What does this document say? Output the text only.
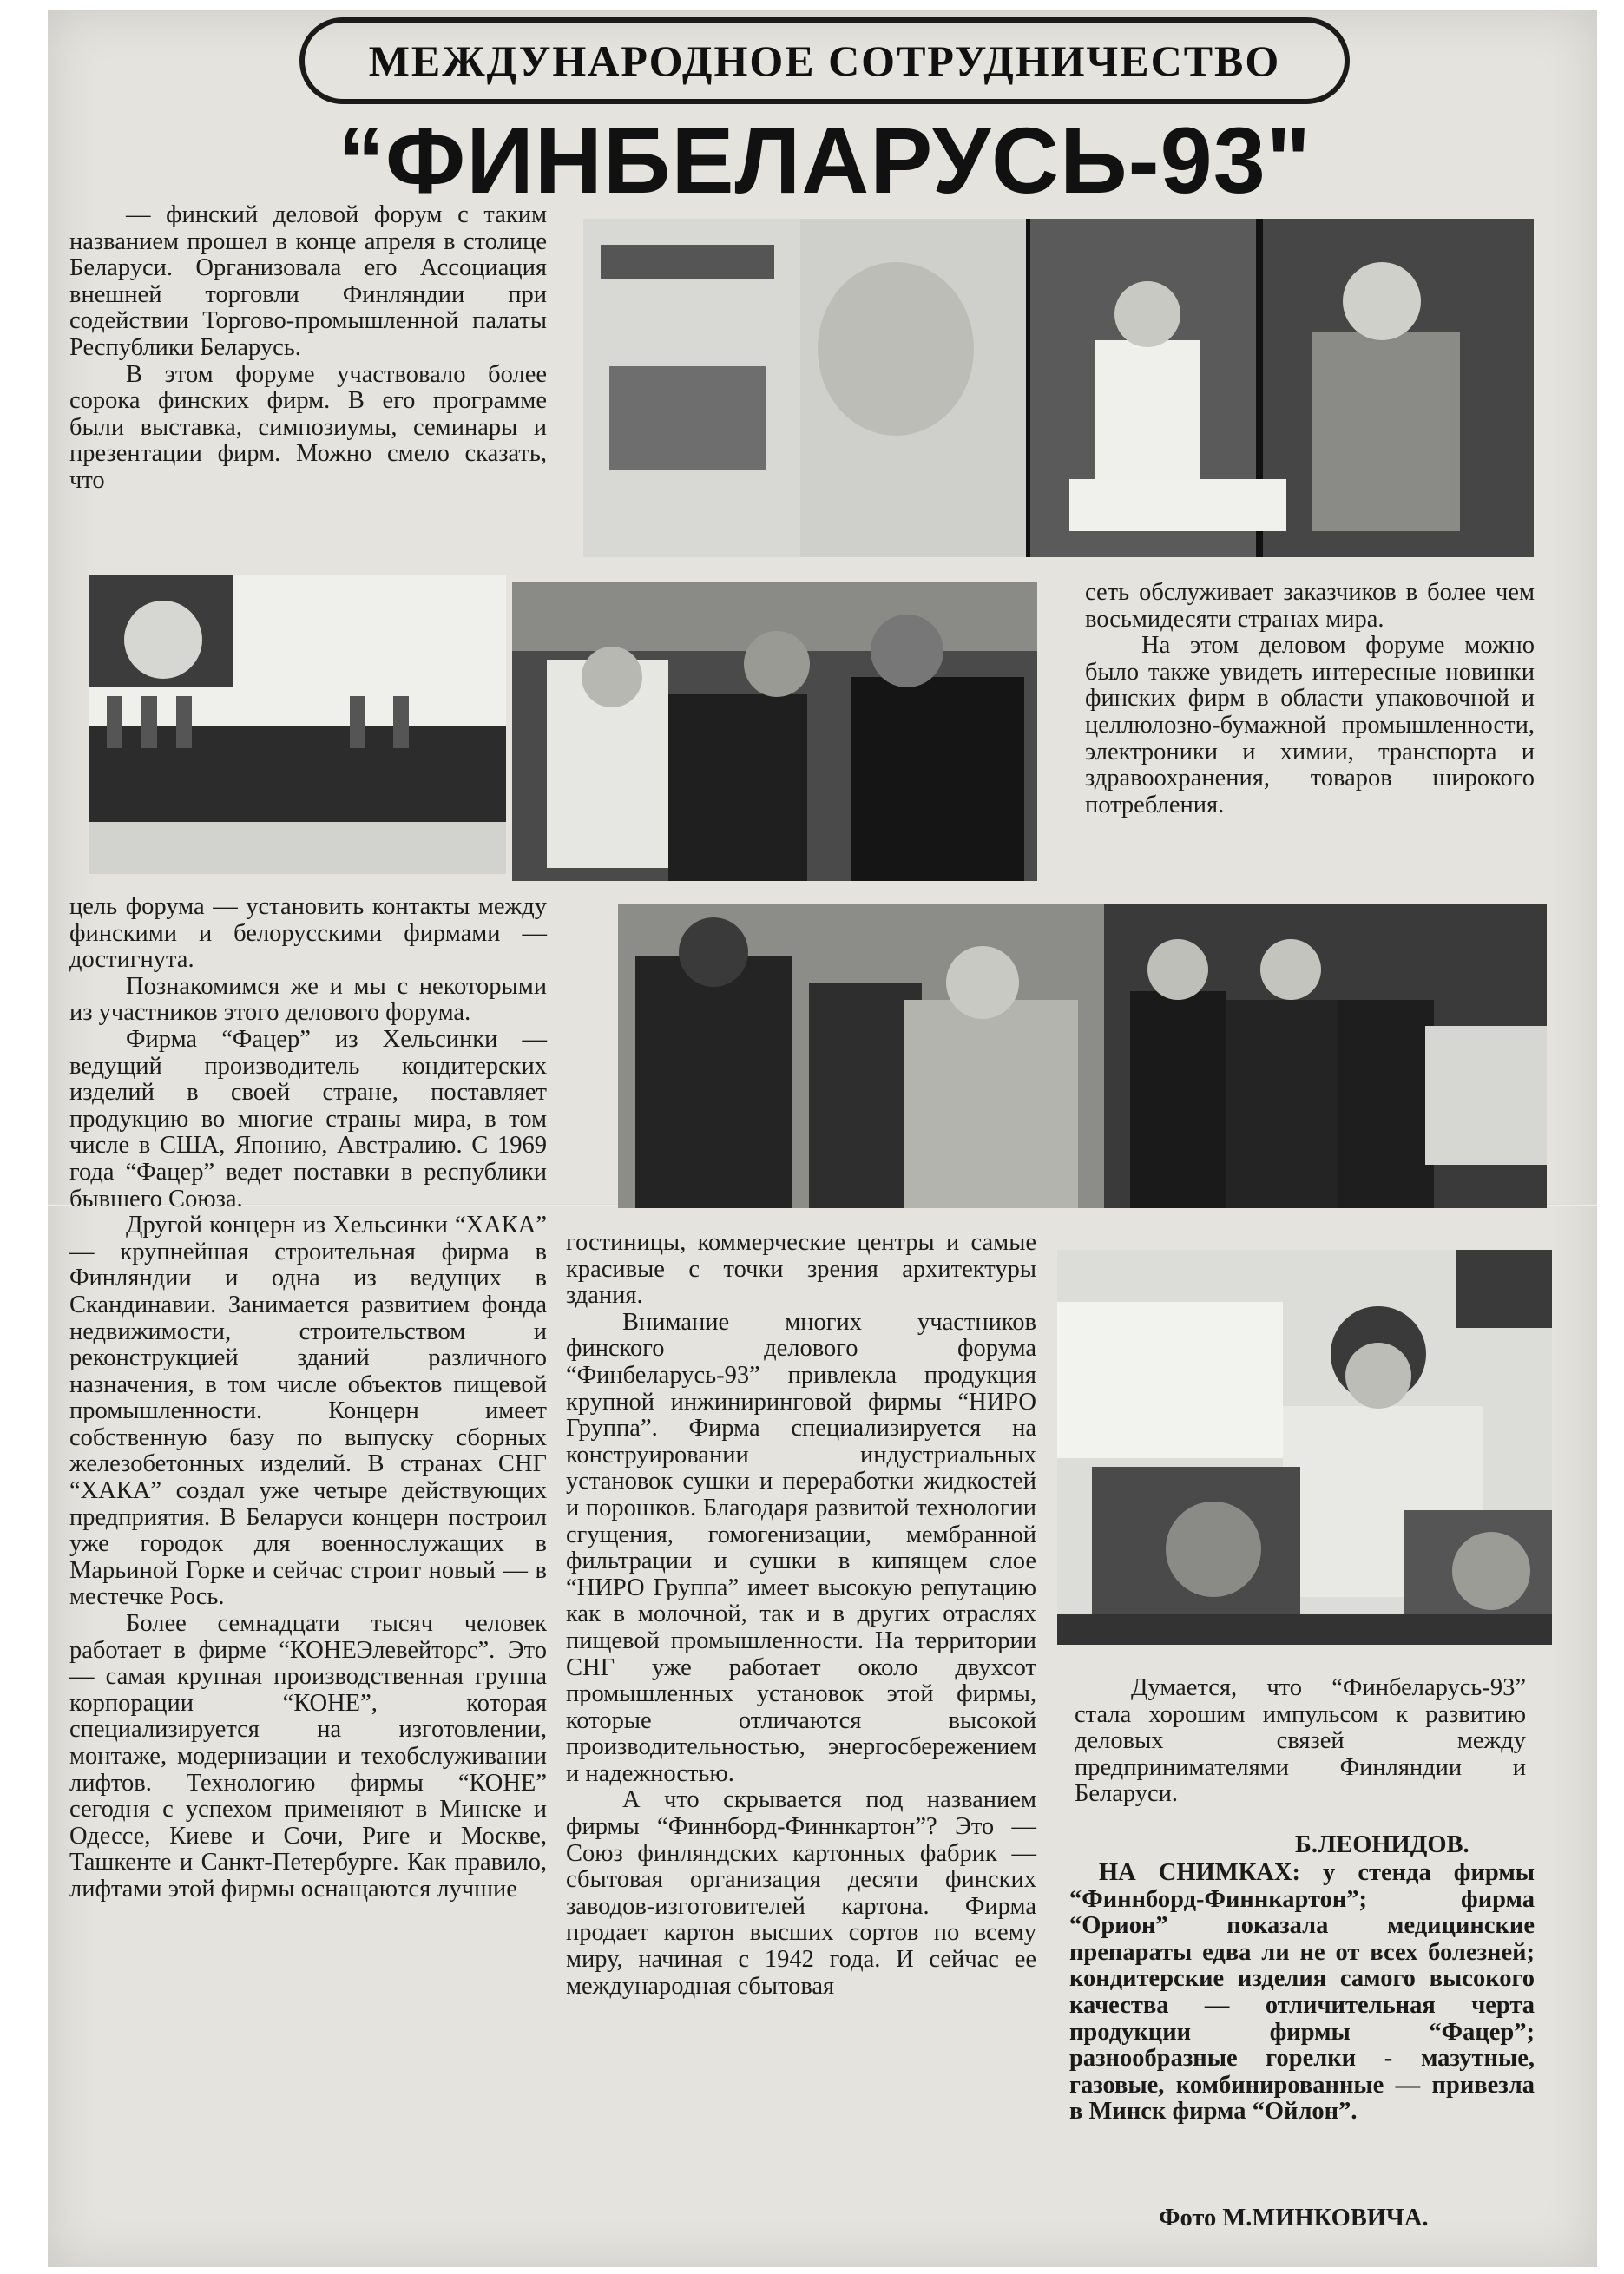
МЕЖДУНАРОДНОЕ СОТРУДНИЧЕСТВО
“ФИНБЕЛАРУСЬ-93"

— финский деловой форум с таким названием прошел в конце апреля в столице Беларуси. Организовала его Ассоциация внешней торговли Финляндии при содействии Торгово-промышленной палаты Республики Беларусь.

В этом форуме участвовало более сорока финских фирм. В его программе были выставка, симпозиумы, семинары и презентации фирм. Можно смело сказать, что

сеть обслуживает заказчиков в более чем восьмидесяти странах мира.

На этом деловом форуме можно было также увидеть интересные новинки финских фирм в области упаковочной и целлюлозно-бумажной промышленности, электроники и химии, транспорта и здравоохранения, товаров широкого потребления.

цель форума — установить контакты между финскими и белорусскими фирмами — достигнута.

Познакомимся же и мы с некоторыми из участников этого делового форума.

Фирма “Фацер” из Хельсинки — ведущий производитель кондитерских изделий в своей стране, поставляет продукцию во многие страны мира, в том числе в США, Японию, Австралию. С 1969 года “Фацер” ведет поставки в республики бывшего Союза.

Другой концерн из Хельсинки “ХАКА” — крупнейшая строительная фирма в Финляндии и одна из ведущих в Скандинавии. Занимается развитием фонда недвижимости, строительством и реконструкцией зданий различного назначения, в том числе объектов пищевой промышленности. Концерн имеет собственную базу по выпуску сборных железобетонных изделий. В странах СНГ “ХАКА” создал уже четыре действующих предприятия. В Беларуси концерн построил уже городок для военнослужащих в Марьиной Горке и сейчас строит новый — в местечке Рось.

Более семнадцати тысяч человек работает в фирме “КОНЕЭлевейторс”. Это — самая крупная производственная группа корпорации “КОНЕ”, которая специализируется на изготовлении, монтаже, модернизации и техобслуживании лифтов. Технологию фирмы “КОНЕ” сегодня с успехом применяют в Минске и Одессе, Киеве и Сочи, Риге и Москве, Ташкенте и Санкт-Петербурге. Как правило, лифтами этой фирмы оснащаются лучшие

гостиницы, коммерческие центры и самые красивые с точки зрения архитектуры здания.

Внимание многих участников финского делового форума “Финбеларусь-93” привлекла продукция крупной инжиниринговой фирмы “НИРО Группа”. Фирма специализируется на конструировании индустриальных установок сушки и переработки жидкостей и порошков. Благодаря развитой технологии сгущения, гомогенизации, мембранной фильтрации и сушки в кипящем слое “НИРО Группа” имеет высокую репутацию как в молочной, так и в других отраслях пищевой промышленности. На территории СНГ уже работает около двухсот промышленных установок этой фирмы, которые отличаются высокой производительностью, энергосбережением и надежностью.

А что скрывается под названием фирмы “Финнборд-Финнкартон”? Это — Союз финляндских картонных фабрик — сбытовая организация десяти финских заводов-изготовителей картона. Фирма продает картон высших сортов по всему миру, начиная с 1942 года. И сейчас ее международная сбытовая

Думается, что “Финбеларусь-93” стала хорошим импульсом к развитию деловых связей между предпринимателями Финляндии и Беларуси.

Б.ЛЕОНИДОВ.
НА СНИМКАХ: у стенда фирмы “Финнборд-Финнкартон”; фирма “Орион” показала медицинские препараты едва ли не от всех болезней; кондитерские изделия самого высокого качества — отличительная черта продукции фирмы “Фацер”; разнообразные горелки - мазутные, газовые, комбинированные — привезла в Минск фирма “Ойлон”.
Фото М.МИНКОВИЧА.
